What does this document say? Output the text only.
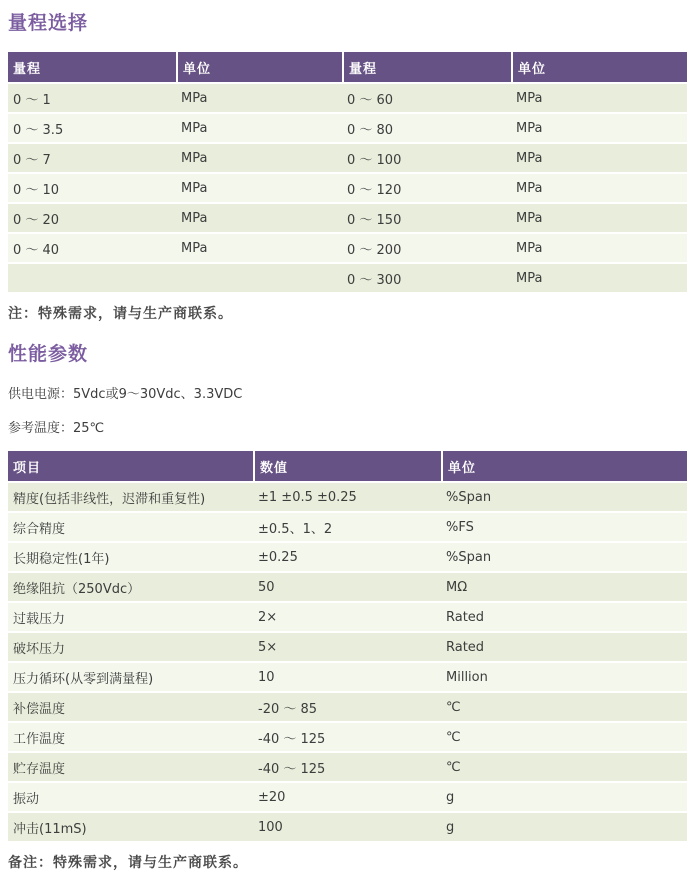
量程选择
量程	单位	量程	单位
0 ～ 1	MPa	0 ～ 60	MPa
0 ～ 3.5	MPa	0 ～ 80	MPa
0 ～ 7	MPa	0 ～ 100	MPa
0 ～ 10	MPa	0 ～ 120	MPa
0 ～ 20	MPa	0 ～ 150	MPa
0 ～ 40	MPa	0 ～ 200	MPa
		0 ～ 300	MPa

注：特殊需求，请与生产商联系。

性能参数

供电电源：5Vdc或9～30Vdc、3.3VDC

参考温度：25℃

项目	数值	单位
精度(包括非线性，迟滞和重复性)	±1 ±0.5 ±0.25	%Span
综合精度	±0.5、1、2	%FS
长期稳定性(1年)	±0.25	%Span
绝缘阻抗（250Vdc）	50	MΩ
过载压力	2×	Rated
破坏压力	5×	Rated
压力循环(从零到满量程)	10	Million
补偿温度	-20 ～ 85	℃
工作温度	-40 ～ 125	℃
贮存温度	-40 ～ 125	℃
振动	±20	g
冲击(11mS)	100	g

备注：特殊需求，请与生产商联系。
